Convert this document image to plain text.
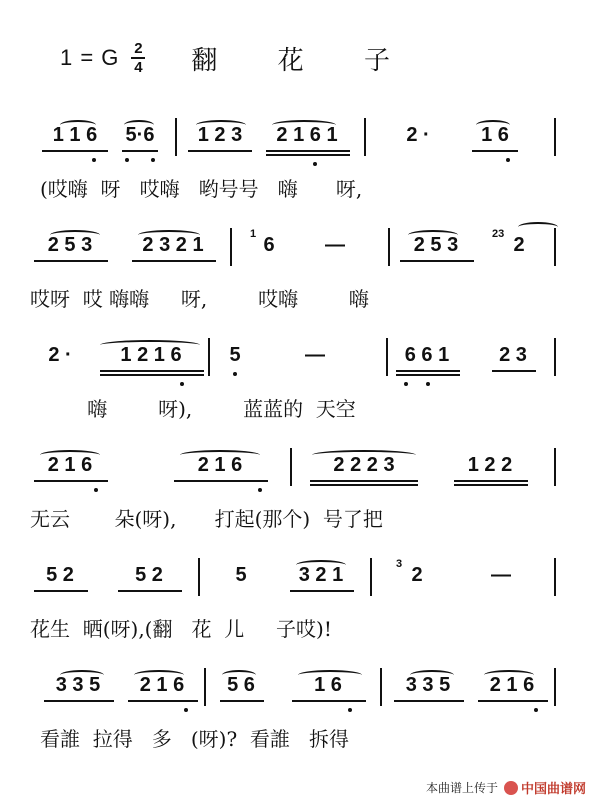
1 = G 2
4 翻 花 子
1 1 6	5·6	1 2 3	2 1 6 1	2 ·	1 6
(哎嗨  呀   哎嗨   哟号号   嗨      呀,
2 5 3	2 3 2 1	1 6	—	2 5 3	23 2
哎呀  哎 嗨嗨     呀,        哎嗨        嗨
2 ·	1 2 1 6	5	—	6 6 1	2 3
嗨        呀),        蓝蓝的  天空
2 1 6	2 1 6	2 2 2 3	1 2 2
无云       朵(呀),      打起(那个)  号了把
5 2	5 2	5	3 2 1	3 2	—
花生  晒(呀),(翻   花  儿     子哎)!
3 3 5	2 1 6	5 6	1 6	3 3 5	2 1 6
看誰  拉得   多   (呀)?  看誰   拆得
本曲谱上传于 中国曲谱网
